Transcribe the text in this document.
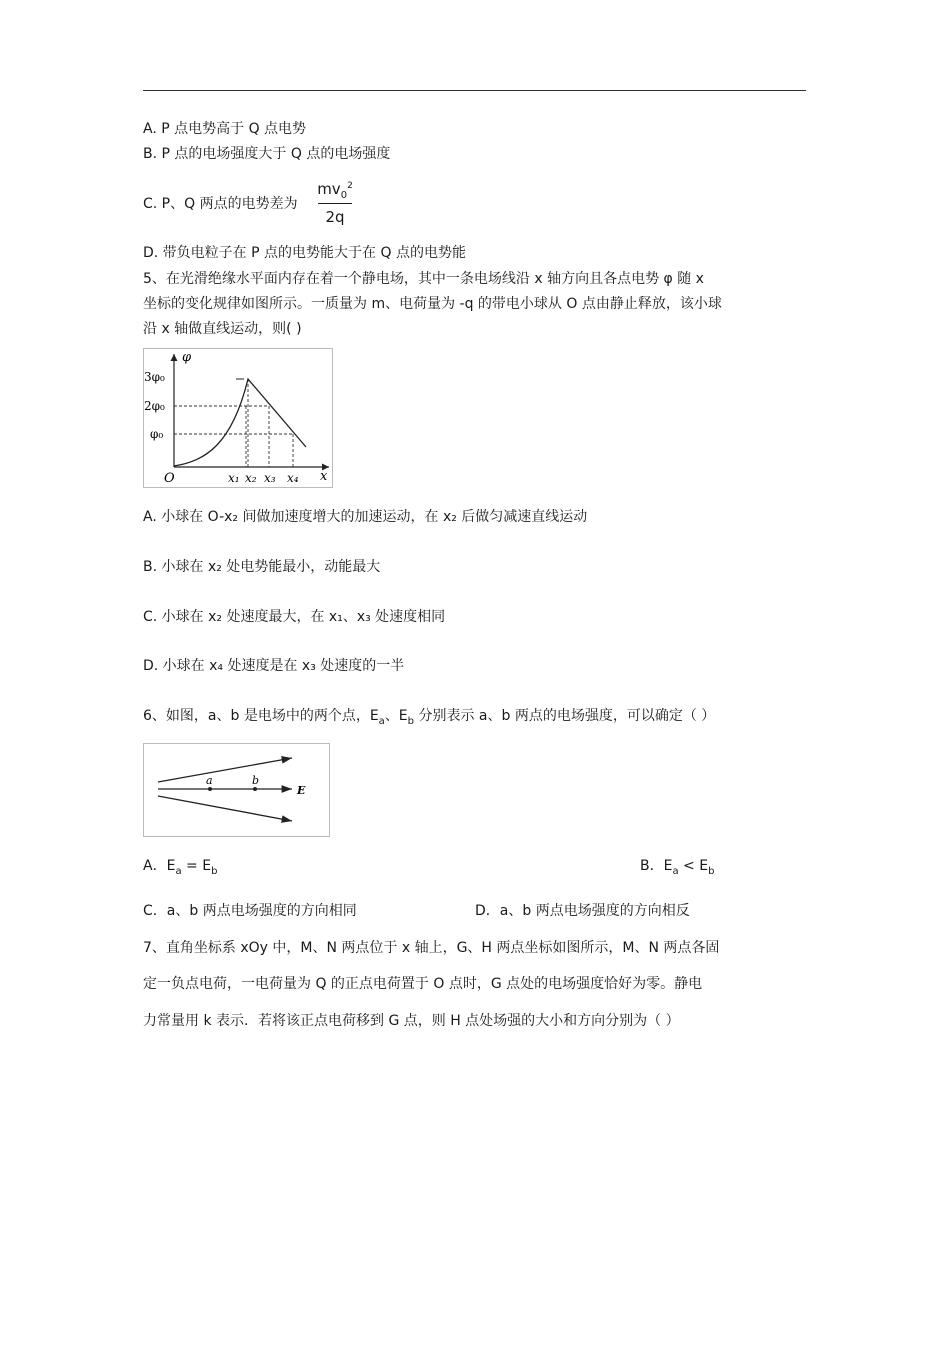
A. P 点电势高于 Q 点电势
B. P 点的电场强度大于 Q 点的电场强度
C. P、Q 两点的电势差为
$mv_0^2$
2q
D. 带负电粒子在 P 点的电势能大于在 Q 点的电势能
5、在光滑绝缘水平面内存在着一个静电场，其中一条电场线沿 x 轴方向且各点电势 φ 随 x
坐标的变化规律如图所示。一质量为 m、电荷量为 -q 的带电小球从 O 点由静止释放，该小球
沿 x 轴做直线运动，则( )
φ
x
O
3φ₀
2φ₀
φ₀
x₁ x₂ x₃ x₄
A. 小球在 O-x₂ 间做加速度增大的加速运动，在 x₂ 后做匀减速直线运动
B. 小球在 x₂ 处电势能最小，动能最大
C. 小球在 x₂ 处速度最大，在 x₁、x₃ 处速度相同
D. 小球在 x₄ 处速度是在 x₃ 处速度的一半
6、如图，a、b 是电场中的两个点，$E_a$、$E_b$ 分别表示 a、b 两点的电场强度，可以确定（ ）
a	b
E
A．$E_a = E_b$	B．$E_a < E_b$
C．a、b 两点电场强度的方向相同	D．a、b 两点电场强度的方向相反
7、直角坐标系 xOy 中，M、N 两点位于 x 轴上，G、H 两点坐标如图所示，M、N 两点各固
定一负点电荷，一电荷量为 Q 的正点电荷置于 O 点时，G 点处的电场强度恰好为零。静电
力常量用 k 表示．若将该正点电荷移到 G 点，则 H 点处场强的大小和方向分别为（ ）
